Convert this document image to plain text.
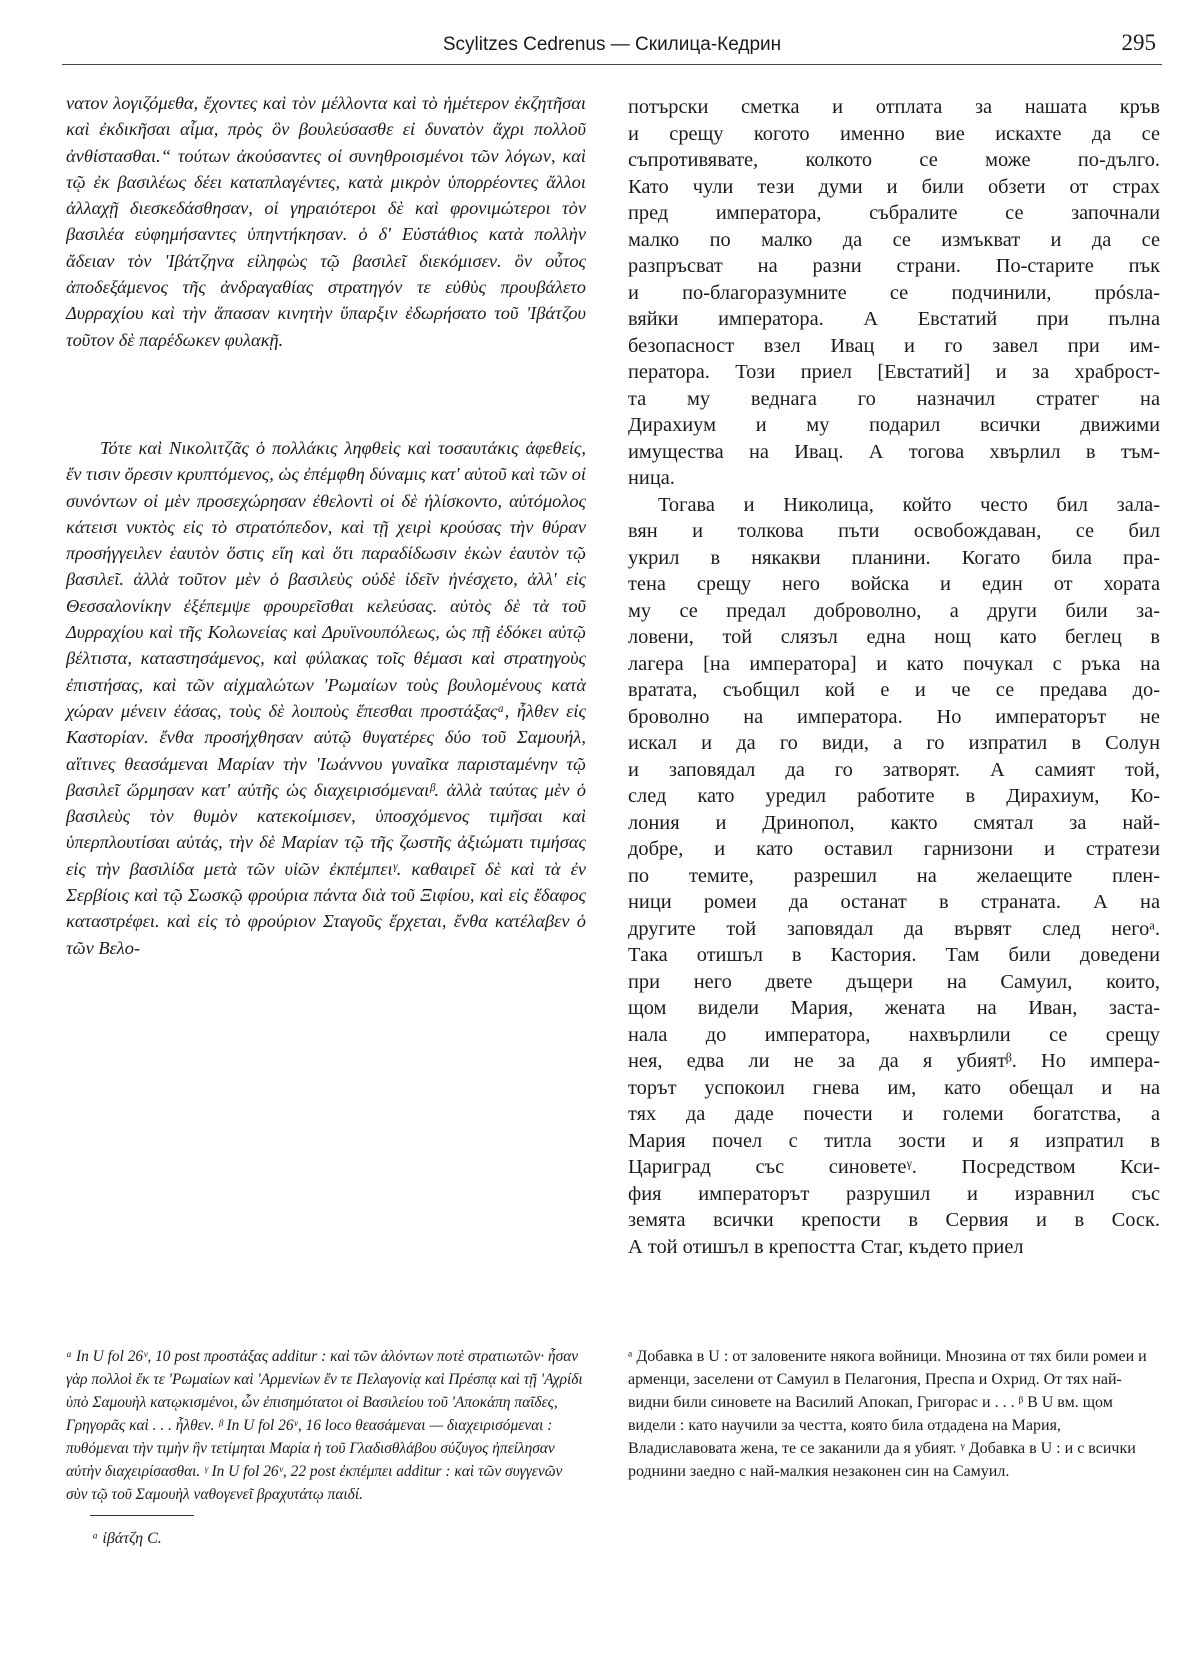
Scylitzes Cedrenus — Скилица-Кедрин	295

νατον λογιζόμεθα, ἔχοντες καὶ τὸν μέλλοντα καὶ τὸ ἡμέτερον ἐκζητῆσαι καὶ ἐκδικῆσαι αἷμα, πρὸς ὃν βουλεύσασθε εἰ δυνατὸν ἄχρι πολλοῦ ἀνθίστασθαι.“ τούτων ἀκούσαντες οἱ συνηθροισμένοι τῶν λόγων, καὶ τῷ ἐκ βασιλέως δέει καταπλαγέντες, κατὰ μικρὸν ὑπορρέοντες ἄλλοι ἀλλαχῇ διεσκεδάσθησαν, οἱ γηραιότεροι δὲ καὶ φρονιμώτεροι τὸν βασιλέα εὐφημήσαντες ὑπηντήκησαν. ὁ δ' Εὐστάθιος κατὰ πολλὴν ἄδειαν τὸν 'Ιβάτζηνα εἰληφὼς τῷ βασιλεῖ διεκόμισεν. ὃν οὗτος ἀποδεξάμενος τῆς ἀνδραγαθίας στρατηγόν τε εὐθὺς προυβάλετο Δυρραχίου καὶ τὴν ἅπασαν κινητὴν ὕπαρξιν ἐδωρήσατο τοῦ 'Ιβάτζου τοῦτον δὲ παρέδωκεν φυλακῇ.

Τότε καὶ Νικολιτζᾶς ὁ πολλάκις ληφθεὶς καὶ τοσαυτάκις ἀφεθείς, ἔν τισιν ὄρεσιν κρυπτόμενος, ὡς ἐπέμφθη δύναμις κατ' αὐτοῦ καὶ τῶν οἱ συνόντων οἱ μὲν προσεχώρησαν ἐθελοντὶ οἱ δὲ ἡλίσκοντο, αὐτόμολος κάτεισι νυκτὸς εἰς τὸ στρατόπεδον, καὶ τῇ χειρὶ κρούσας τὴν θύραν προσήγγειλεν ἑαυτὸν ὅστις εἴη καὶ ὅτι παραδίδωσιν ἑκὼν ἑαυτὸν τῷ βασιλεῖ. ἀλλὰ τοῦτον μὲν ὁ βασιλεὺς οὐδὲ ἰδεῖν ἠνέσχετο, ἀλλ' εἰς Θεσσαλονίκην ἐξέπεμψε φρουρεῖσθαι κελεύσας. αὐτὸς δὲ τὰ τοῦ Δυρραχίου καὶ τῆς Κολωνείας καὶ Δρυϊνουπόλεως, ὡς πῇ ἐδόκει αὐτῷ βέλτιστα, καταστησάμενος, καὶ φύλακας τοῖς θέμασι καὶ στρατηγοὺς ἐπιστήσας, καὶ τῶν αἰχμαλώτων 'Ρωμαίων τοὺς βουλομένους κατὰ χώραν μένειν ἐάσας, τοὺς δὲ λοιποὺς ἕπεσθαι προστάξαςᵃ, ἦλθεν εἰς Καστορίαν. ἔνθα προσήχθησαν αὐτῷ θυγατέρες δύο τοῦ Σαμουήλ, αἵτινες θεασάμεναι Μαρίαν τὴν 'Ιωάννου γυναῖκα παρισταμένην τῷ βασιλεῖ ὥρμησαν κατ' αὐτῆς ὡς διαχειρισόμεναιᵝ. ἀλλὰ ταύτας μὲν ὁ βασιλεὺς τὸν θυμὸν κατεκοίμισεν, ὑποσχόμενος τιμῆσαι καὶ ὑπερπλουτίσαι αὐτάς, τὴν δὲ Μαρίαν τῷ τῆς ζωστῆς ἀξιώματι τιμήσας εἰς τὴν βασιλίδα μετὰ τῶν υἱῶν ἐκπέμπειᵞ. καθαιρεῖ δὲ καὶ τὰ ἐν Σερβίοις καὶ τῷ Σωσκῷ φρούρια πάντα διὰ τοῦ Ξιφίου, καὶ εἰς ἔδαφος καταστρέφει. καὶ εἰς τὸ φρούριον Σταγοῦς ἔρχεται, ἔνθα κατέλαβεν ὁ τῶν Βελο-

потърски сметка и отплата за нашата кръв
и срещу когото именно вие искахте да се
съпротивявате, колкото се може по-дълго.
Като чули тези думи и били обзети от страх
пред императора, събралите се започнали
малко по малко да се измъкват и да се
разпръсват на разни страни. По-старите пък
и по-благоразумните се подчинили, прósла-
вяйки императора. А Евстатий при пълна
безопасност взел Ивац и го завел при им-
ператора. Този приел [Евстатий] и за храброст-
та му веднага го назначил стратег на
Дирахиум и му подарил всички движими
имущества на Ивац. А тогова хвърлил в тъм-
ница.
Тогава и Николица, който често бил зала-
вян и толкова пъти освобождаван, се бил
укрил в някакви планини. Когато била пра-
тена срещу него войска и един от хората
му се предал доброволно, а други били за-
ловени, той слязъл една нощ като беглец в
лагера [на императора] и като почукал с ръка на
вратата, съобщил кой е и че се предава до-
броволно на императора. Но императорът не
искал и да го види, а го изпратил в Солун
и заповядал да го затворят. А самият той,
след като уредил работите в Дирахиум, Ко-
лония и Дринопол, както смятал за най-
добре, и като оставил гарнизони и стратези
по темите, разрешил на желаещите плен-
ници ромеи да останат в страната. А на
другите той заповядал да вървят след негоᵃ.
Така отишъл в Кастория. Там били доведени
при него двете дъщери на Самуил, които,
щом видели Мария, жената на Иван, заста-
нала до императора, нахвърлили се срещу
нея, едва ли не за да я убиятᵝ. Но импера-
торът успокоил гнева им, като обещал и на
тях да даде почести и големи богатства, а
Мария почел с титла зости и я изпратил в
Цариград със синоветеᵞ. Посредством Кси-
фия императорът разрушил и изравнил със
земята всички крепости в Сервия и в Соск.
А той отишъл в крепостта Стаг, където приел

ᵃ In U fol 26ᵛ, 10 post προστάξας additur : καὶ τῶν ἁλόντων ποτὲ στρατιωτῶν· ἦσαν γὰρ πολλοὶ ἔκ τε 'Ρωμαίων καὶ 'Αρμενίων ἔν τε Πελαγονίᾳ καὶ Πρέσπᾳ καὶ τῇ 'Αχρίδι ὑπὸ Σαμουὴλ κατῳκισμένοι, ὧν ἐπισημότατοι οἱ Βασιλείου τοῦ 'Αποκάπη παῖδες, Γρηγορᾶς καὶ . . . ἦλθεν. ᵝ In U fol 26ᵛ, 16 loco θεασάμεναι — διαχειρισόμεναι : πυθόμεναι τὴν τιμὴν ἣν τετίμηται Μαρία ἡ τοῦ Γλαδισθλάβου σύζυγος ἠπείλησαν αὐτὴν διαχειρίσασθαι. ᵞ In U fol 26ᵛ, 22 post ἐκπέμπει additur : καὶ τῶν συγγενῶν σὺν τῷ τοῦ Σαμουὴλ ναθογενεῖ βραχυτάτῳ παιδί.

ᵃ Добавка в U : от заловените някога войници. Мнозина от тях били ромеи и арменци, заселени от Самуил в Пелагония, Преспа и Охрид. От тях най-видни били синовете на Василий Апокап, Григорас и . . . ᵝ В U вм. щом видели : като научили за честта, която била отдадена на Мария, Владиславовата жена, те се заканили да я убият. ᵞ Добавка в U : и с всички роднини заедно с най-малкия незаконен син на Самуил.

ᵃ ἰβάτζη C.
